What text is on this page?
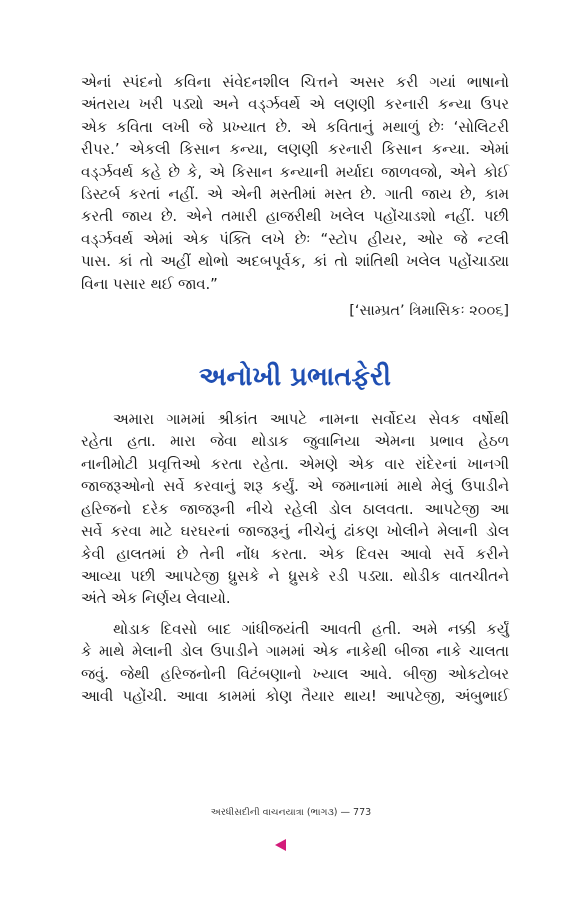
એનાં સ્પંદનો કવિના સંવેદનશીલ ચિત્તને અસર કરી ગયાં ભાષાનો
અંતરાય ખરી પડ્યો અને વર્ડ્ઝવર્થે એ લણણી કરનારી કન્યા ઉપર
એક કવિતા લખી જે પ્રખ્યાત છે. એ કવિતાનું મથાળું છેઃ ‘સોલિટરી
રીપર.’ એકલી કિસાન કન્યા, લણણી કરનારી કિસાન કન્યા. એમાં
વર્ડ્ઝવર્થ કહે છે કે, એ કિસાન કન્યાની મર્યાદા જાળવજો, એને કોઈ
ડિસ્ટર્બ કરતાં નહીં. એ એની મસ્તીમાં મસ્ત છે. ગાતી જાય છે, કામ
કરતી જાય છે. એને તમારી હાજરીથી ખલેલ પહોંચાડશો નહીં. પછી
વર્ડ્ઝવર્થ એમાં એક પંક્તિ લખે છેઃ “સ્ટોપ હીયર, ઓર જે ન્ટલી
પાસ. કાં તો અહીં થોભો અદબપૂર્વક, કાં તો શાંતિથી ખલેલ પહોંચાડ્યા
વિના પસાર થઈ જાવ.”

[‘સામ્પ્રત’ ત્રિમાસિકઃ ૨૦૦૬]
અનોખી પ્રભાતફેરી

અમારા ગામમાં શ્રીકાંત આપટે નામના સર્વોદય સેવક વર્ષોથી
રહેતા હતા. મારા જેવા થોડાક જુવાનિયા એમના પ્રભાવ હેઠળ
નાનીમોટી પ્રવૃત્તિઓ કરતા રહેતા. એમણે એક વાર રાંદેરનાં ખાનગી
જાજરૂઓનો સર્વે કરવાનું શરૂ કર્યું. એ જમાનામાં માથે મેલું ઉપાડીને
હરિજનો દરેક જાજરૂની નીચે રહેલી ડોલ ઠાલવતા. આપટેજી આ
સર્વે કરવા માટે ઘરઘરનાં જાજરૂનું નીચેનું ઢાંકણ ખોલીને મેલાની ડોલ
કેવી હાલતમાં છે તેની નોંધ કરતા. એક દિવસ આવો સર્વે કરીને
આવ્યા પછી આપટેજી ધ્રુસકે ને ધ્રુસકે રડી પડ્યા. થોડીક વાતચીતને
અંતે એક નિર્ણય લેવાયો.

થોડાક દિવસો બાદ ગાંધીજયંતી આવતી હતી. અમે નક્કી કર્યું
કે માથે મેલાની ડોલ ઉપાડીને ગામમાં એક નાકેથી બીજા નાકે ચાલતા
જવું. જેથી હરિજનોની વિટંબણાનો ખ્યાલ આવે. બીજી ઓકટોબર
આવી પહોંચી. આવા કામમાં કોણ તૈયાર થાય! આપટેજી, અંબુભાઈ

અરધીસદીની વાચનયાત્રા (ભાગ૩) — 773
